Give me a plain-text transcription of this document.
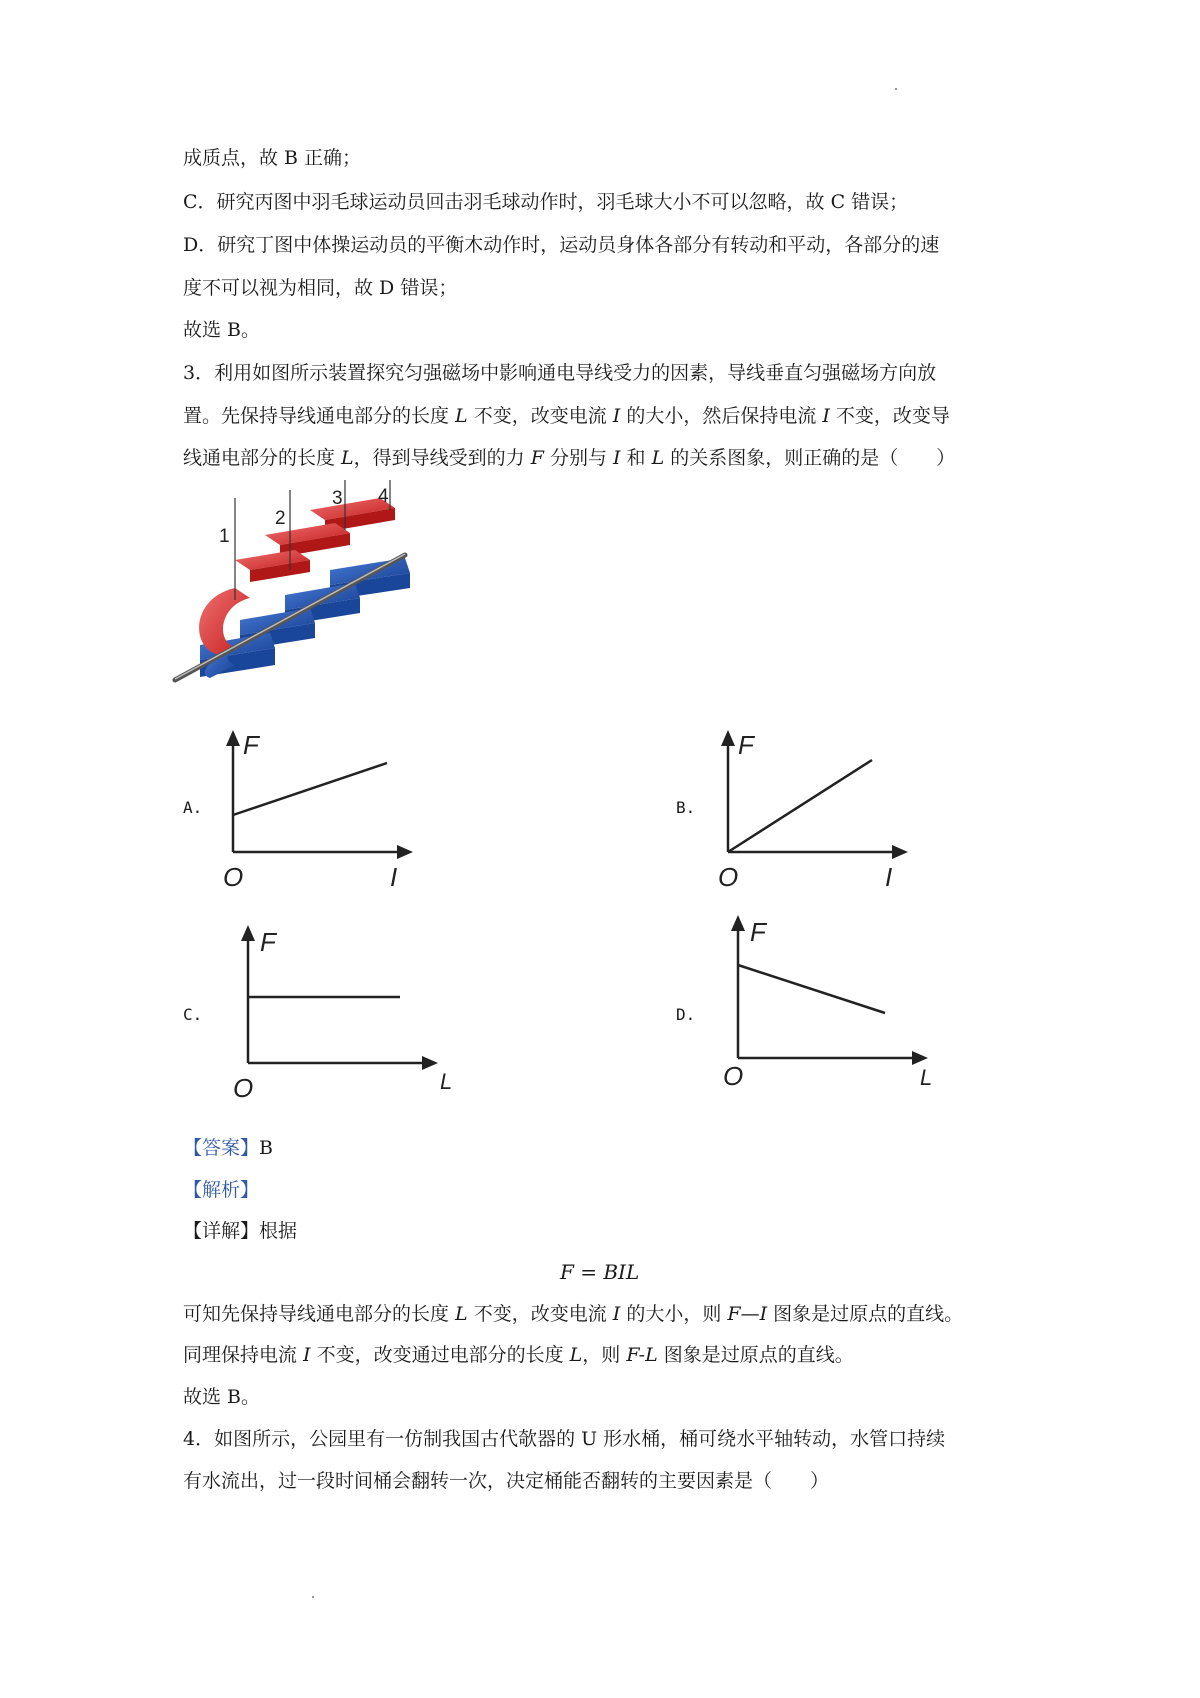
成质点，故 B 正确；
C．研究丙图中羽毛球运动员回击羽毛球动作时，羽毛球大小不可以忽略，故 C 错误；
D．研究丁图中体操运动员的平衡木动作时，运动员身体各部分有转动和平动，各部分的速
度不可以视为相同，故 D 错误；
故选 B。
3．利用如图所示装置探究匀强磁场中影响通电导线受力的因素，导线垂直匀强磁场方向放
置。先保持导线通电部分的长度 L 不变，改变电流 I 的大小，然后保持电流 I 不变，改变导
线通电部分的长度 L，得到导线受到的力 F 分别与 I 和 L 的关系图象，则正确的是（　　）
1
2
3 4
A.
F
I
O
B.
F
I
O
C.
F
L
O
D.
F
L
O
【答案】B
【解析】
【详解】根据
F = BIL
可知先保持导线通电部分的长度 L 不变，改变电流 I 的大小，则 F—I 图象是过原点的直线。
同理保持电流 I 不变，改变通过电部分的长度 L，则 F-L 图象是过原点的直线。
故选 B。
4．如图所示，公园里有一仿制我国古代欹器的 U 形水桶，桶可绕水平轴转动，水管口持续
有水流出，过一段时间桶会翻转一次，决定桶能否翻转的主要因素是（　　）
